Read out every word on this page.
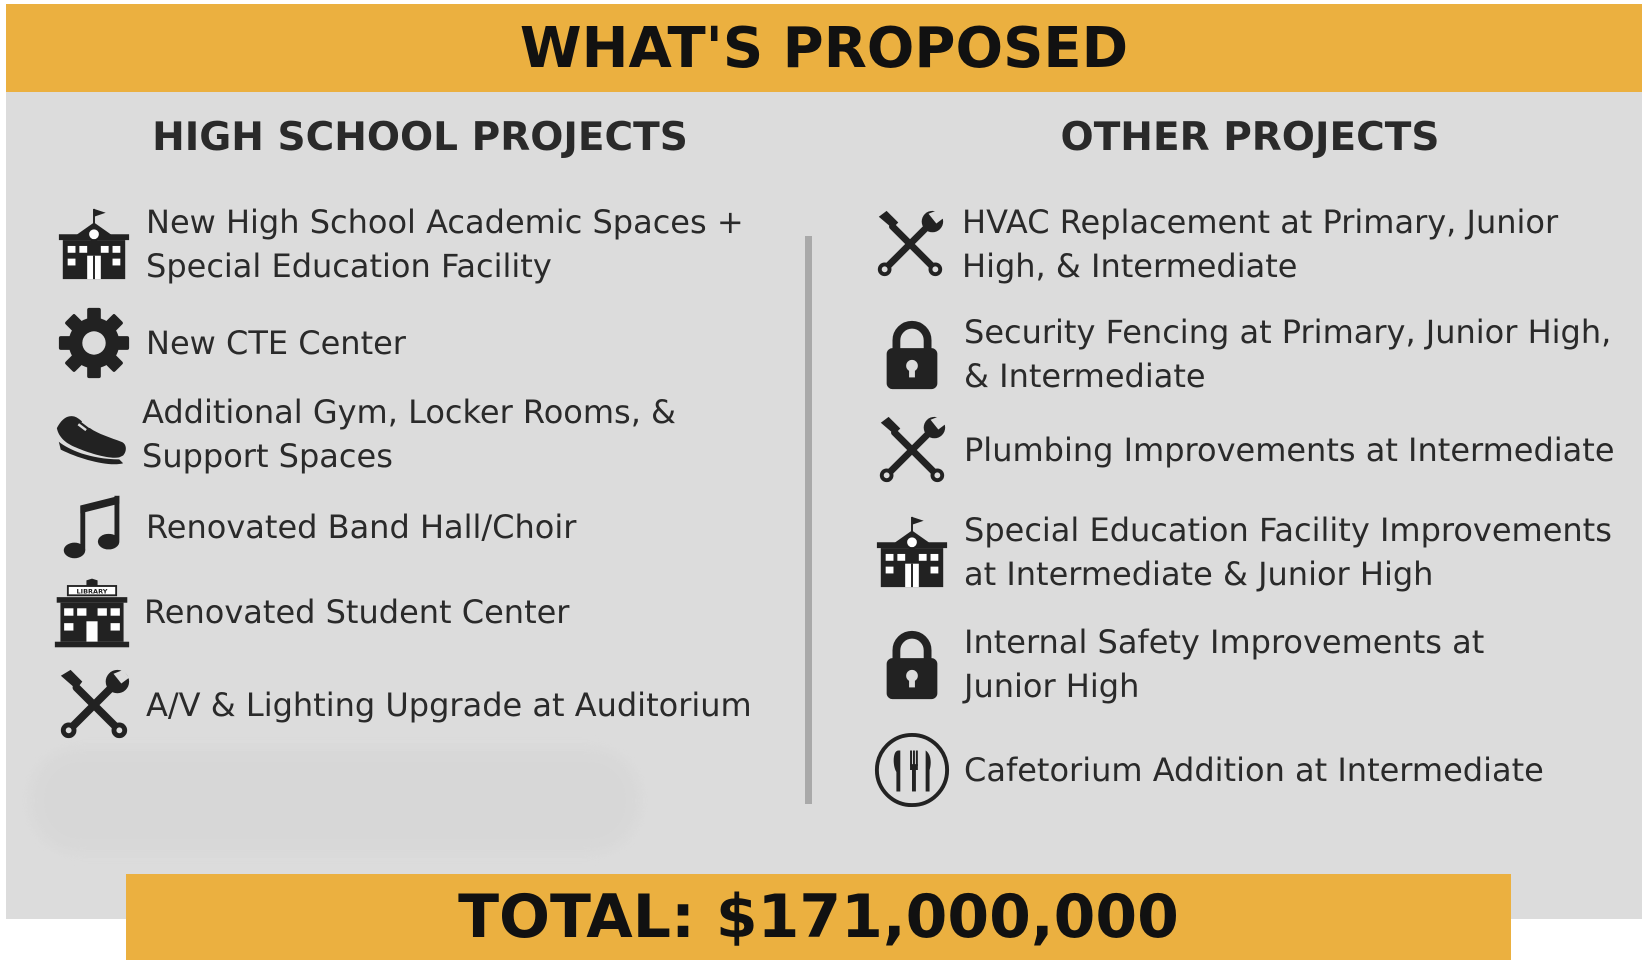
WHAT'S PROPOSED
HIGH SCHOOL PROJECTS	OTHER PROJECTS
New High School Academic Spaces +
Special Education Facility
New CTE Center
Additional Gym, Locker Rooms, &
Support Spaces
Renovated Band Hall/Choir
LIBRARY
Renovated Student Center
A/V & Lighting Upgrade at Auditorium
HVAC Replacement at Primary, Junior
High, & Intermediate
Security Fencing at Primary, Junior High,
& Intermediate
Plumbing Improvements at Intermediate
Special Education Facility Improvements
at Intermediate & Junior High
Internal Safety Improvements at
Junior High
Cafetorium Addition at Intermediate
TOTAL: $171,000,000
